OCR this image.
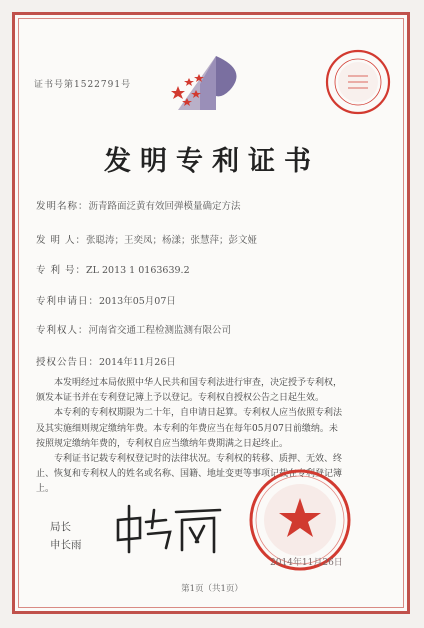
证书号第1522791号
发明专利证书
发明名称：沥青路面泛黄有效回弹模量确定方法
发 明 人：张聪涛；王奕凤；杨漾；张慧萍；彭文娅
专 利 号：ZL 2013 1 0163639.2
专利申请日：2013年05月07日
专利权人：河南省交通工程检测监测有限公司
授权公告日：2014年11月26日

本发明经过本局依照中华人民共和国专利法进行审查，决定授予专利权，颁发本证书并在专利登记簿上予以登记。专利权自授权公告之日起生效。

本专利的专利权期限为二十年，自申请日起算。专利权人应当依照专利法及其实施细则规定缴纳年费。本专利的年费应当在每年05月07日前缴纳。未按照规定缴纳年费的，专利权自应当缴纳年费期满之日起终止。

专利证书记载专利权登记时的法律状况。专利权的转移、质押、无效、终止、恢复和专利权人的姓名或名称、国籍、地址变更等事项记载在专利登记簿上。

局长
申长雨
2014年11月26日
第1页（共1页）
